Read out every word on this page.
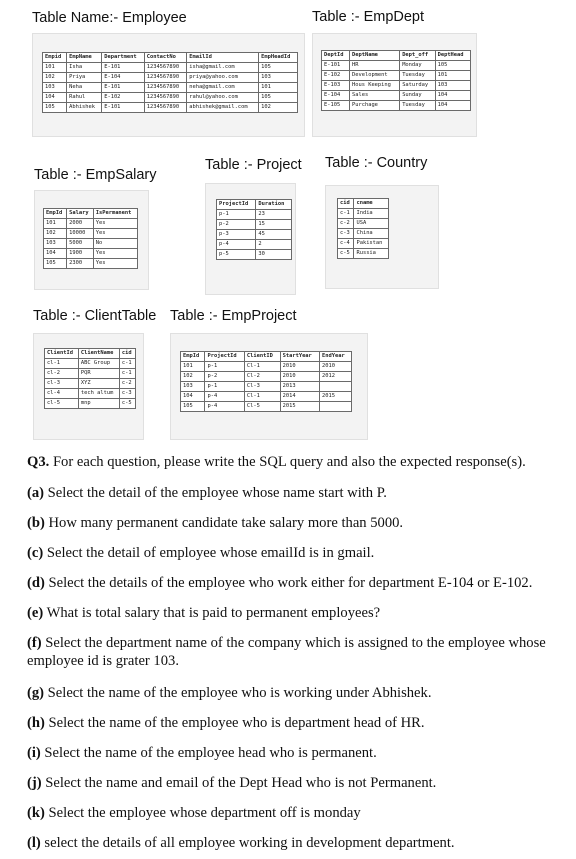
Table Name:- Employee	Table :- EmpDept
Table :- EmpSalary
Table :- Project Table :- Country
Table :- ClientTable Table :- EmpProject
Empid	EmpName	Department	ContactNo	EmailId	EmpHeadId
101	Isha	E-101	1234567890	isha@gmail.com	105
102	Priya	E-104	1234567890	priya@yahoo.com	103
103	Neha	E-101	1234567890	neha@gmail.com	101
104	Rahul	E-102	1234567890	rahul@yahoo.com	105
105	Abhishek	E-101	1234567890	abhishek@gmail.com	102
DeptId	DeptName	Dept_off	DeptHead
E-101	HR	Monday	105
E-102	Development	Tuesday	101
E-103	Hous Keeping	Saturday	103
E-104	Sales	Sunday	104
E-105	Purchage	Tuesday	104
EmpId	Salary	IsPermanent
101	2000	Yes
102	10000	Yes
103	5000	No
104	1900	Yes
105	2300	Yes
ProjectId	Duration
p-1	23
p-2	15
p-3	45
p-4	2
p-5	30
cid	cname
c-1	India
c-2	USA
c-3	China
c-4	Pakistan
c-5	Russia
ClientId	ClientName	cid
cl-1	ABC Group	c-1
cl-2	PQR	c-1
cl-3	XYZ	c-2
cl-4	tech altum	c-3
cl-5	mnp	c-5
EmpId	ProjectId	ClientID	StartYear	EndYear
101	p-1	Cl-1	2010	2010
102	p-2	Cl-2	2010	2012
103	p-1	Cl-3	2013	
104	p-4	Cl-1	2014	2015
105	p-4	Cl-5	2015	
Q3. For each question, please write the SQL query and also the expected response(s).
(a) Select the detail of the employee whose name start with P.
(b) How many permanent candidate take salary more than 5000.
(c) Select the detail of employee whose emailId is in gmail.
(d) Select the details of the employee who work either for department E-104 or E-102.
(e) What is total salary that is paid to permanent employees?
(f) Select the department name of the company which is assigned to the employee whose employee id is grater 103.
(g) Select the name of the employee who is working under Abhishek.
(h) Select the name of the employee who is department head of HR.
(i) Select the name of the employee head who is permanent.
(j) Select the name and email of the Dept Head who is not Permanent.
(k) Select the employee whose department off is monday
(l) select the details of all employee working in development department.
